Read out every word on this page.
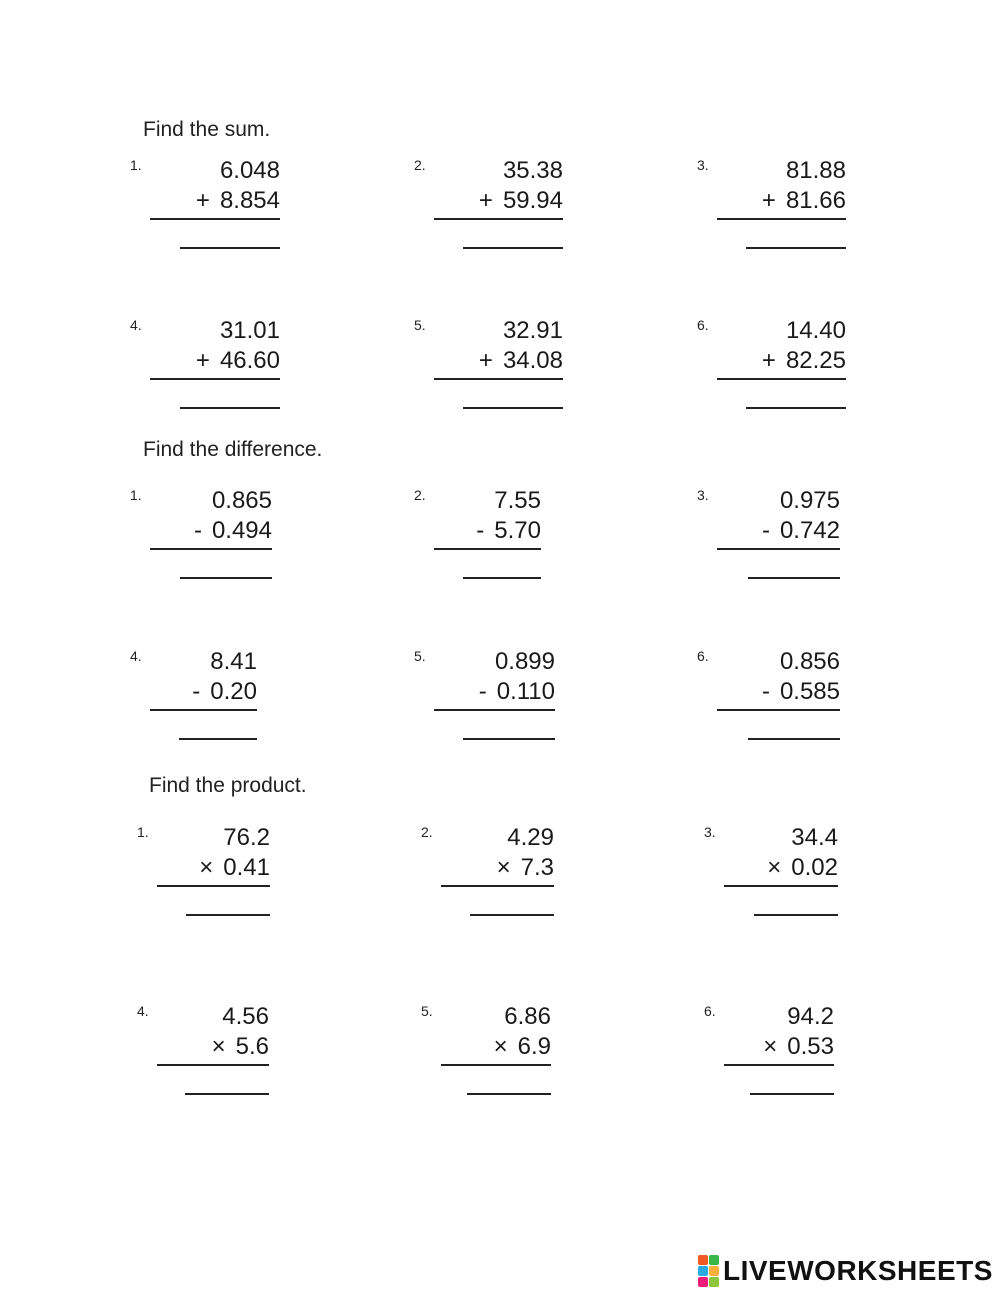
Find the sum.
Find the difference.
Find the product.
1.	6.048
+ 8.854
2.	35.38
+ 59.94
3.	81.88
+ 81.66
4.	31.01
+ 46.60
5.	32.91
+ 34.08
6.	14.40
+ 82.25
1.	0.865
- 0.494
2.	7.55
- 5.70
3.	0.975
- 0.742
4.	8.41
- 0.20
5.	0.899
- 0.110
6.	0.856
- 0.585
1.	76.2
× 0.41
2.	4.29
× 7.3
3.	34.4
× 0.02
4.	4.56
× 5.6
5.	6.86
× 6.9
6.	94.2
× 0.53
LIVEWORKSHEETS
